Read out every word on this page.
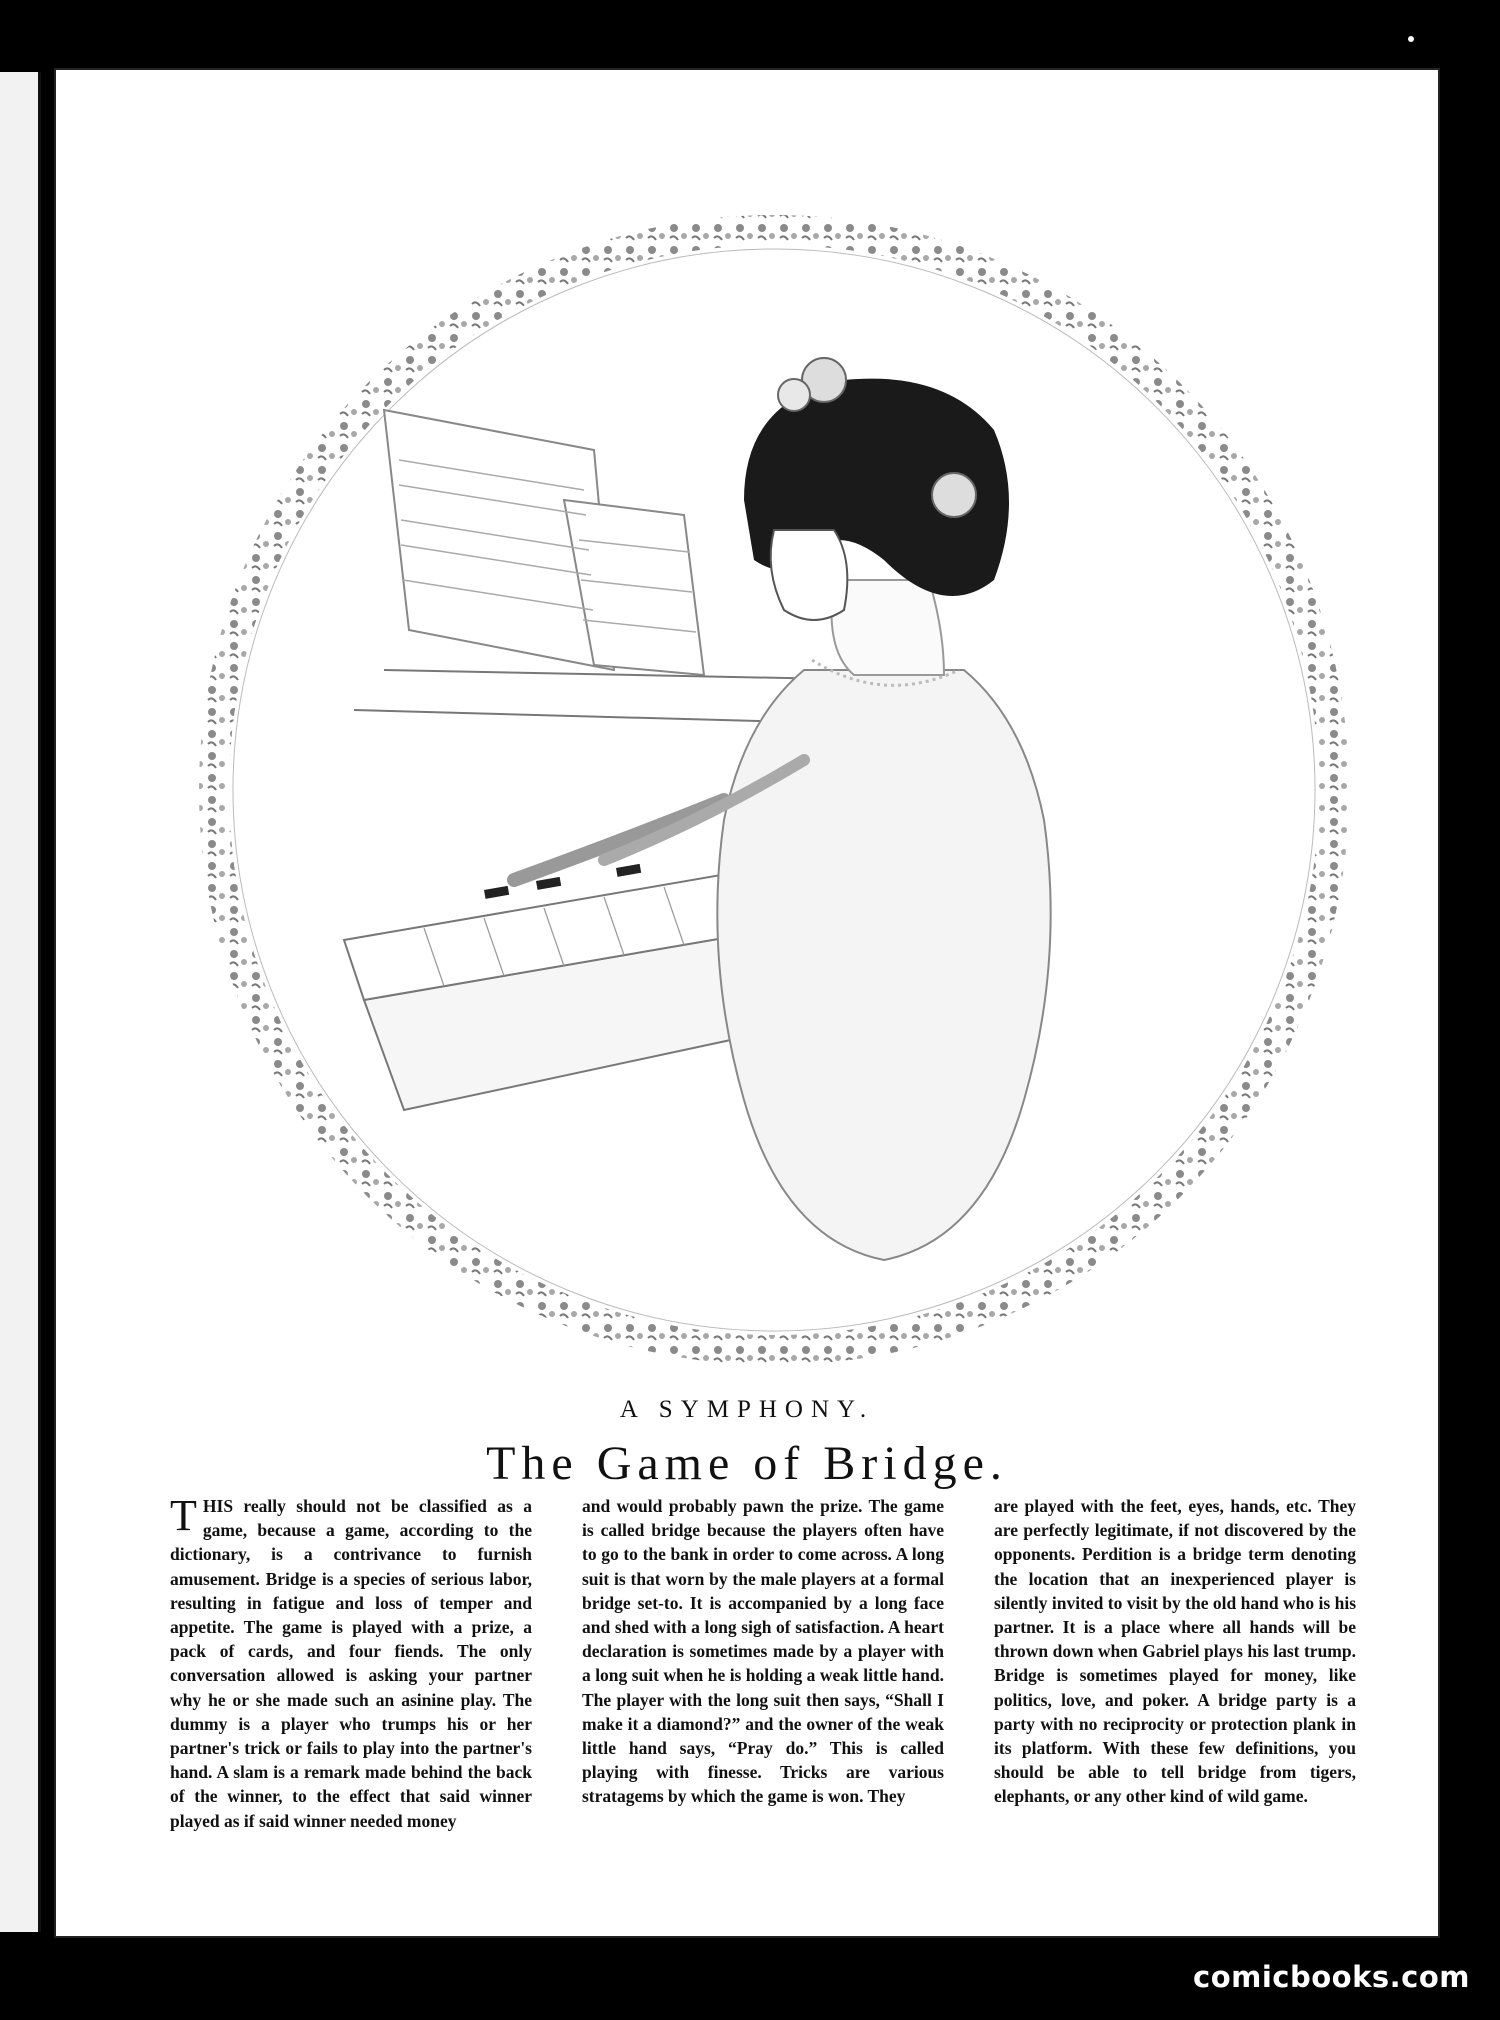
A SYMPHONY.
The Game of Bridge.
THIS really should not be classified as a game, because a game, according to the dictionary, is a contrivance to furnish amusement. Bridge is a species of serious labor, resulting in fatigue and loss of temper and appetite. The game is played with a prize, a pack of cards, and four fiends. The only conversation allowed is asking your partner why he or she made such an asinine play. The dummy is a player who trumps his or her partner's trick or fails to play into the partner's hand. A slam is a remark made behind the back of the winner, to the effect that said winner played as if said winner needed money
and would probably pawn the prize. The game is called bridge because the players often have to go to the bank in order to come across. A long suit is that worn by the male players at a formal bridge set-to. It is accompanied by a long face and shed with a long sigh of satisfaction. A heart declaration is sometimes made by a player with a long suit when he is holding a weak little hand. The player with the long suit then says, “Shall I make it a diamond?” and the owner of the weak little hand says, “Pray do.” This is called playing with finesse. Tricks are various stratagems by which the game is won. They
are played with the feet, eyes, hands, etc. They are perfectly legitimate, if not discovered by the opponents. Perdition is a bridge term denoting the location that an inexperienced player is silently invited to visit by the old hand who is his partner. It is a place where all hands will be thrown down when Gabriel plays his last trump. Bridge is sometimes played for money, like politics, love, and poker. A bridge party is a party with no reciprocity or protection plank in its platform. With these few definitions, you should be able to tell bridge from tigers, elephants, or any other kind of wild game.
comicbooks.com
